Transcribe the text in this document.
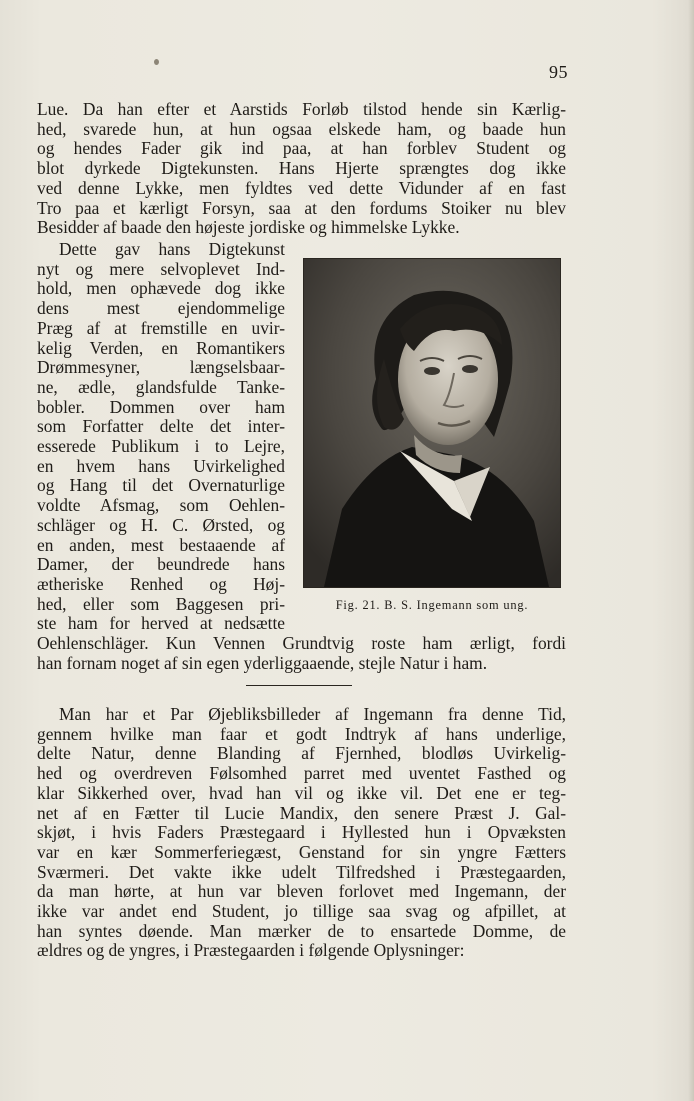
95
Lue. Da han efter et Aarstids Forløb tilstod hende sin Kærlig-
hed, svarede hun, at hun ogsaa elskede ham, og baade hun
og hendes Fader gik ind paa, at han forblev Student og
blot dyrkede Digtekunsten. Hans Hjerte sprængtes dog ikke
ved denne Lykke, men fyldtes ved dette Vidunder af en fast
Tro paa et kærligt Forsyn, saa at den fordums Stoiker nu blev
Besidder af baade den højeste jordiske og himmelske Lykke.
Dette gav hans Digtekunst
nyt og mere selvoplevet Ind-
hold, men ophævede dog ikke
dens mest ejendommelige
Præg af at fremstille en uvir-
kelig Verden, en Romantikers
Drømmesyner, længselsbaar-
ne, ædle, glandsfulde Tanke-
bobler. Dommen over ham
som Forfatter delte det inter-
esserede Publikum i to Lejre,
en hvem hans Uvirkelighed
og Hang til det Overnaturlige
voldte Afsmag, som Oehlen-
schläger og H. C. Ørsted, og
en anden, mest bestaaende af
Damer, der beundrede hans
ætheriske Renhed og Høj-
hed, eller som Baggesen pri-
ste ham for herved at nedsætte
Oehlenschläger. Kun Vennen Grundtvig roste ham ærligt, fordi
han fornam noget af sin egen yderliggaaende, stejle Natur i ham.
Fig. 21. B. S. Ingemann som ung.
Man har et Par Øjebliksbilleder af Ingemann fra denne Tid,
gennem hvilke man faar et godt Indtryk af hans underlige,
delte Natur, denne Blanding af Fjernhed, blodløs Uvirkelig-
hed og overdreven Følsomhed parret med uventet Fasthed og
klar Sikkerhed over, hvad han vil og ikke vil. Det ene er teg-
net af en Fætter til Lucie Mandix, den senere Præst J. Gal-
skjøt, i hvis Faders Præstegaard i Hyllested hun i Opvæksten
var en kær Sommerferiegæst, Genstand for sin yngre Fætters
Sværmeri. Det vakte ikke udelt Tilfredshed i Præstegaarden,
da man hørte, at hun var bleven forlovet med Ingemann, der
ikke var andet end Student, jo tillige saa svag og afpillet, at
han syntes døende. Man mærker de to ensartede Domme, de
ældres og de yngres, i Præstegaarden i følgende Oplysninger:
